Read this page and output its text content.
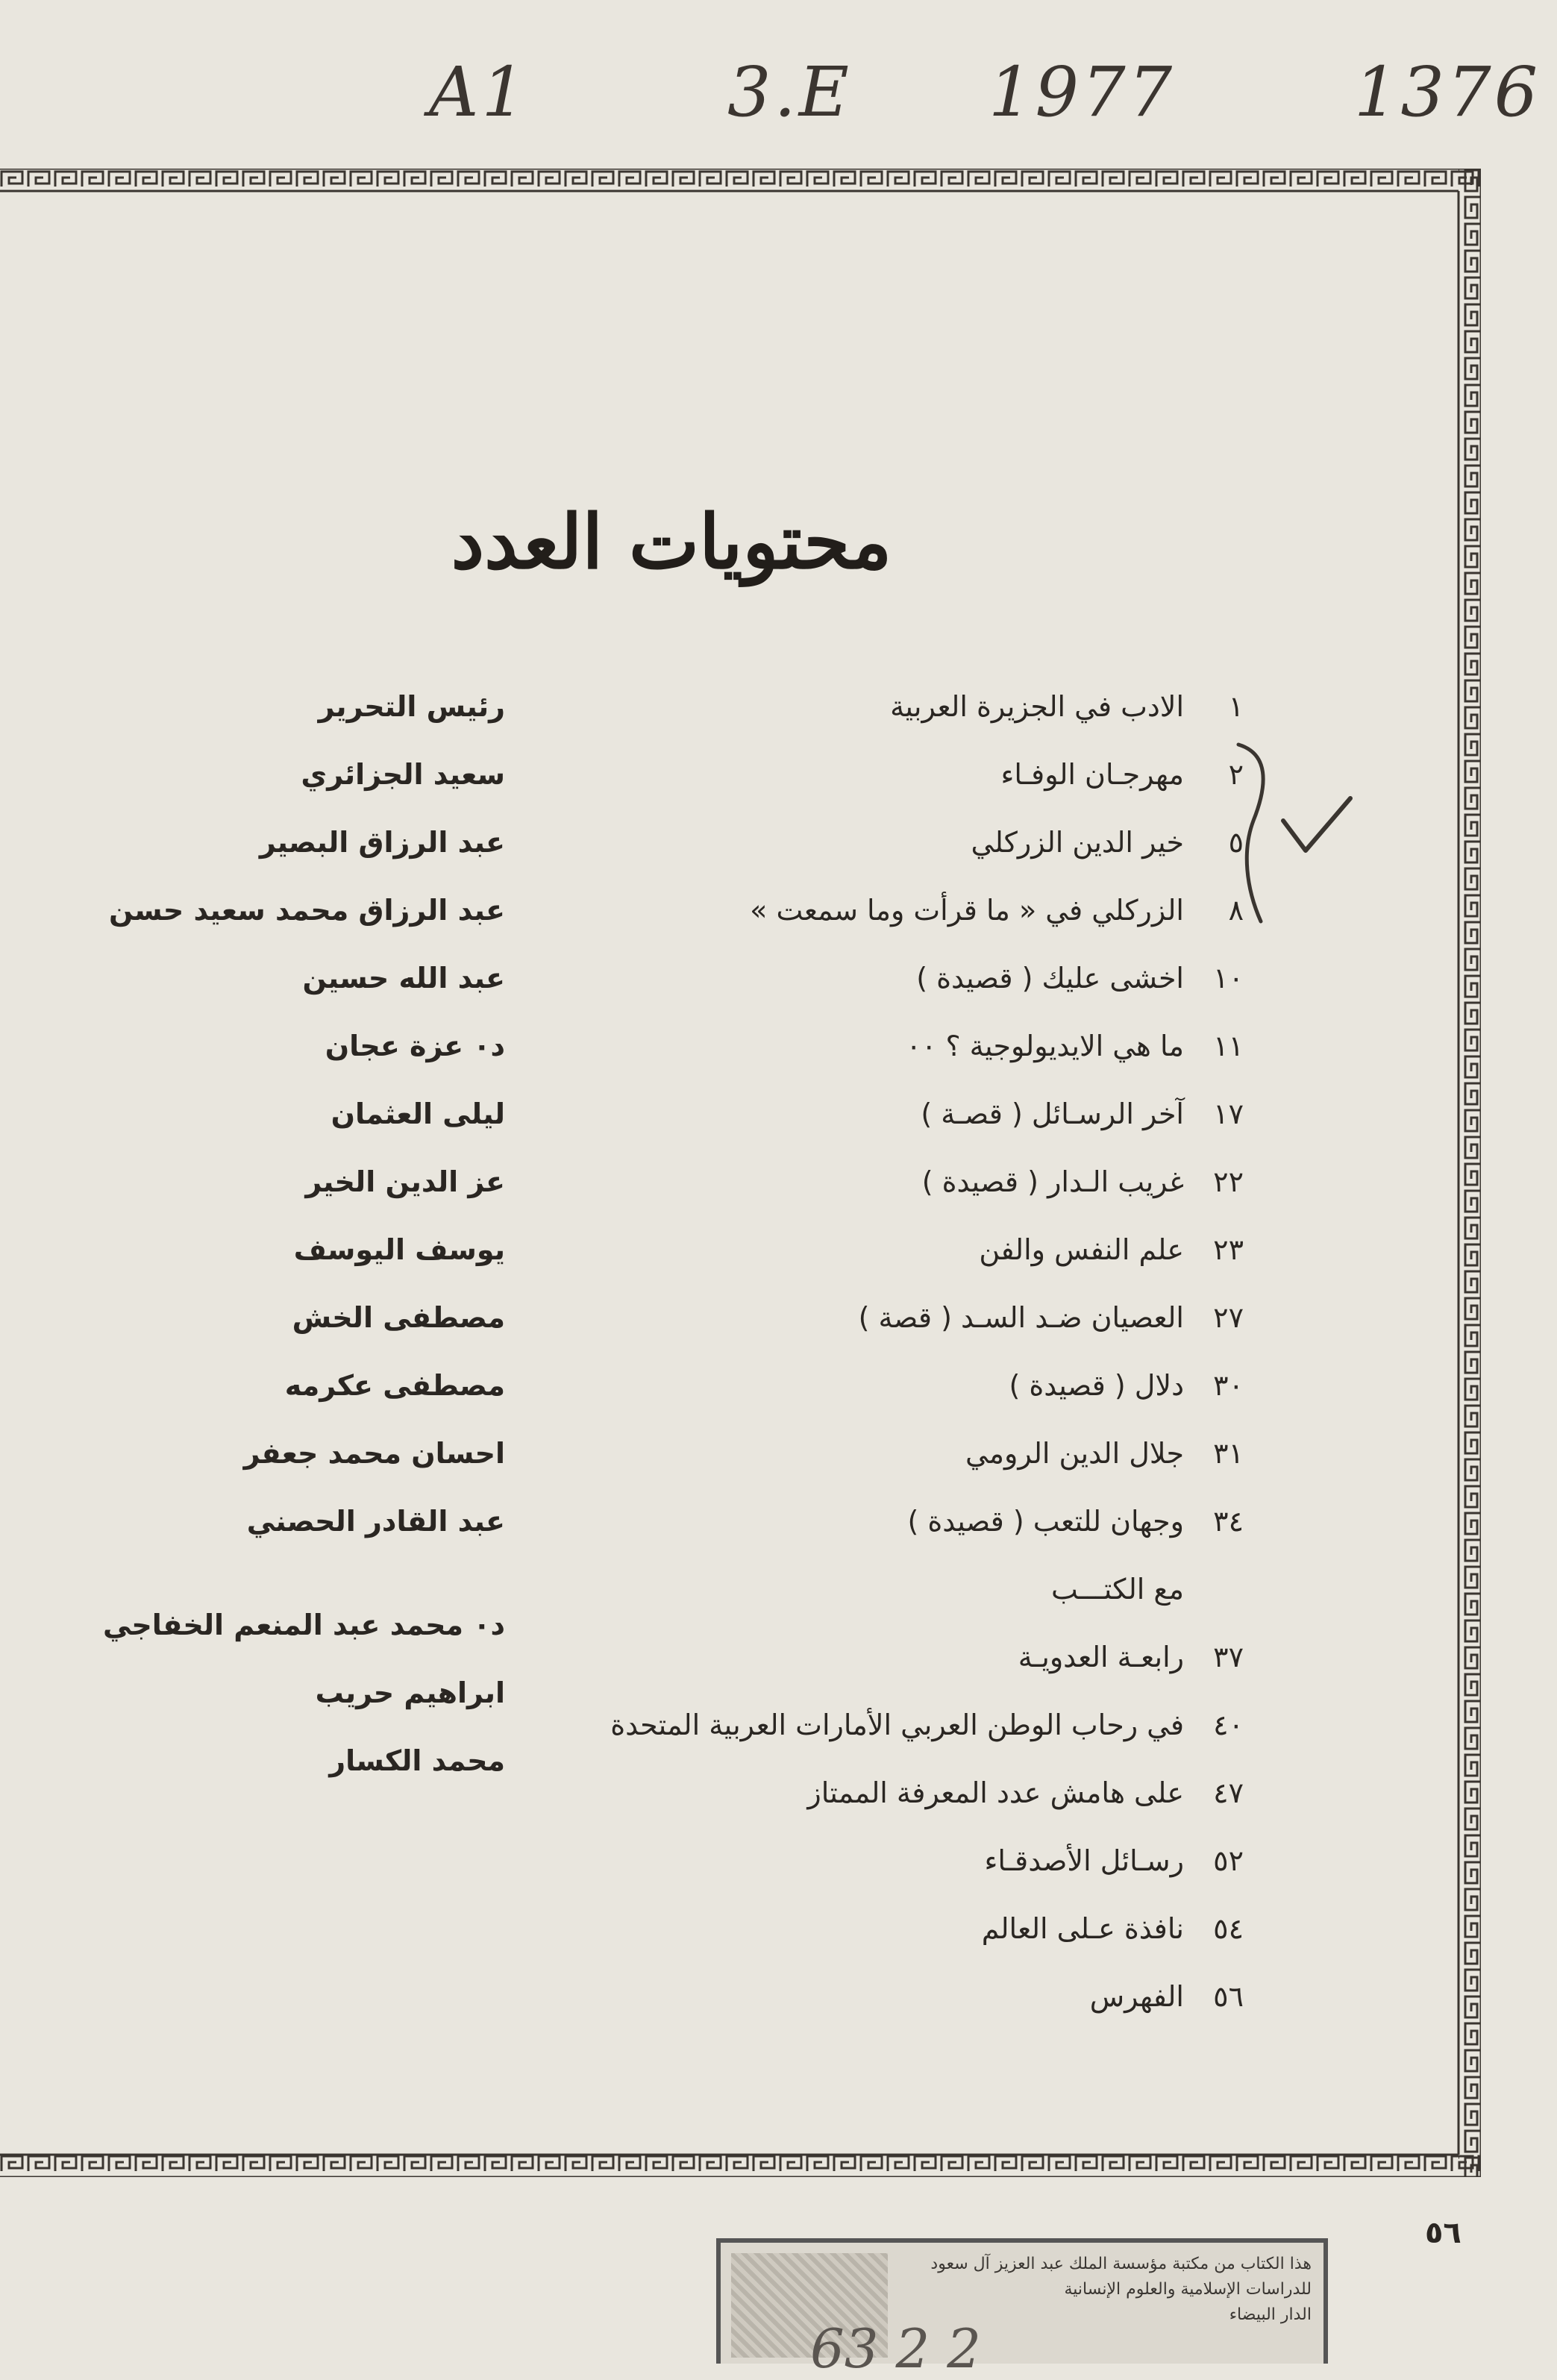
A1	3.E 1977	1376
محتويات العدد
رئيس التحرير
سعيد الجزائري
عبد الرزاق البصير
عبد الرزاق محمد سعيد حسن
عبد الله حسين
د٠ عزة عجان
ليلى العثمان
عز الدين الخير
يوسف اليوسف
مصطفى الخش
مصطفى عكرمه
احسان محمد جعفر
عبد القادر الحصني
د٠ محمد عبد المنعم الخفاجي
ابراهيم حريب
محمد الكسار
١الادب في الجزيرة العربية
٢مهرجـان الوفـاء
٥خير الدين الزركلي
٨الزركلي في « ما قرأت وما سمعت »
١٠اخشى عليك ( قصيدة )
١١ما هي الايديولوجية ؟ ٠٠
١٧آخر الرسـائل ( قصـة )
٢٢غريب الـدار ( قصيدة )
٢٣علم النفس والفن
٢٧العصيان ضـد السـد ( قصة )
٣٠دلال ( قصيدة )
٣١جلال الدين الرومي
٣٤وجهان للتعب ( قصيدة )
مع الكتـــب
٣٧رابعـة العدويـة
٤٠في رحاب الوطن العربي الأمارات العربية المتحدة
٤٧على هامش عدد المعرفة الممتاز
٥٢رسـائل الأصدقـاء
٥٤نافذة عـلى العالم
٥٦الفهرس
٥٦
هذا الكتاب من مكتبة مؤسسة الملك عبد العزيز آل سعود
للدراسات الإسلامية والعلوم الإنسانية
الدار البيضاء
63 2 2
